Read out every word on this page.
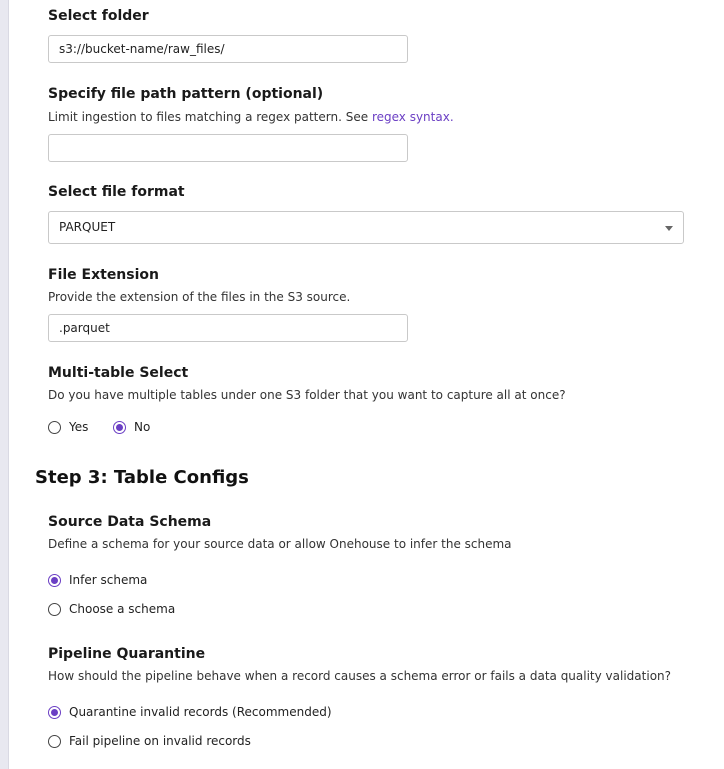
Select folder
s3://bucket-name/raw_files/
Specify file path pattern (optional)
Limit ingestion to files matching a regex pattern. See regex syntax.
Select file format
PARQUET
File Extension
Provide the extension of the files in the S3 source.
.parquet
Multi-table Select
Do you have multiple tables under one S3 folder that you want to capture all at once?
Yes	No
Step 3: Table Configs
Source Data Schema
Define a schema for your source data or allow Onehouse to infer the schema
Infer schema
Choose a schema
Pipeline Quarantine
How should the pipeline behave when a record causes a schema error or fails a data quality validation?
Quarantine invalid records (Recommended)
Fail pipeline on invalid records
